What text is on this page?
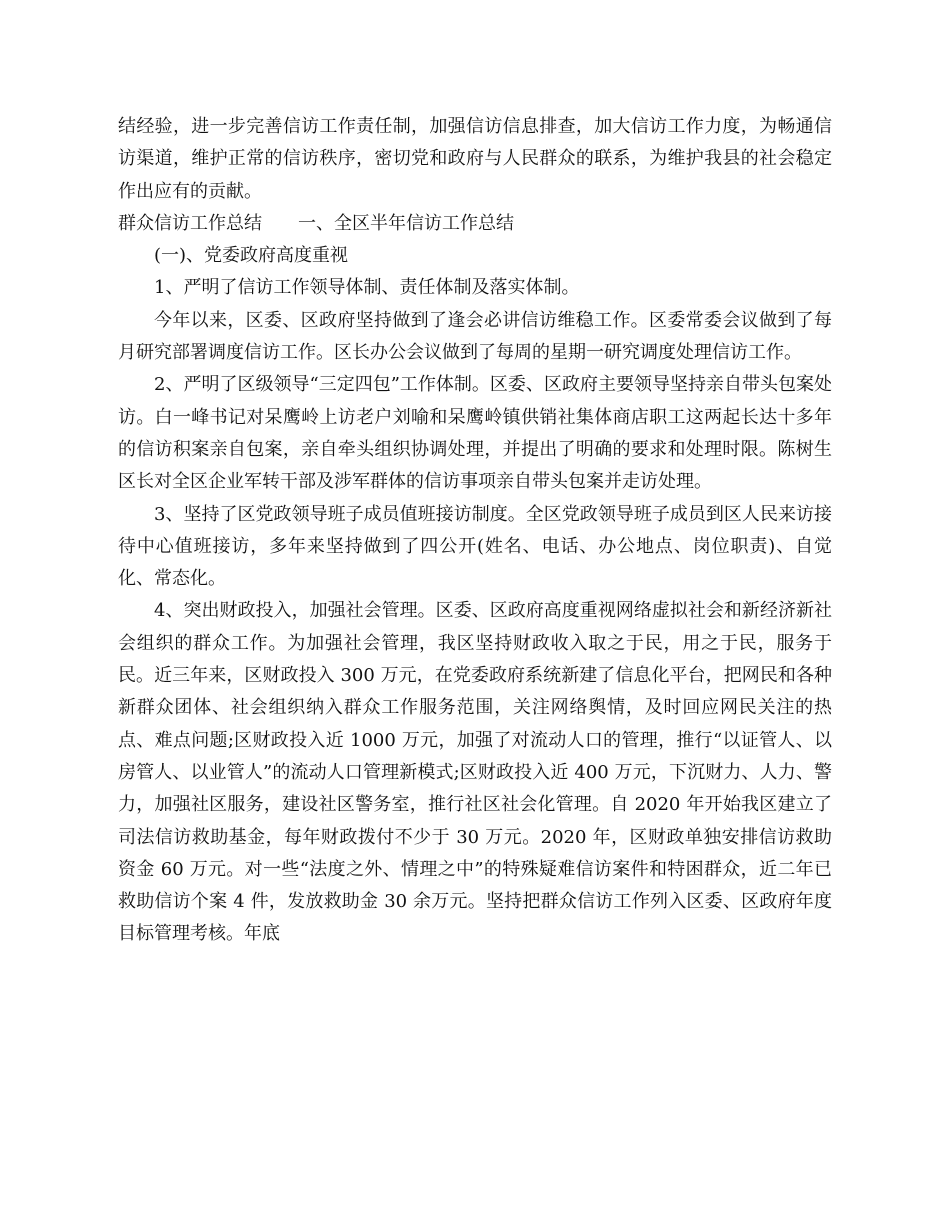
结经验，进一步完善信访工作责任制，加强信访信息排查，加大信访工作力度，为畅通信访渠道，维护正常的信访秩序，密切党和政府与人民群众的联系，为维护我县的社会稳定作出应有的贡献。

群众信访工作总结　　一、全区半年信访工作总结

(一)、党委政府高度重视

1、严明了信访工作领导体制、责任体制及落实体制。

今年以来，区委、区政府坚持做到了逢会必讲信访维稳工作。区委常委会议做到了每月研究部署调度信访工作。区长办公会议做到了每周的星期一研究调度处理信访工作。

2、严明了区级领导“三定四包”工作体制。区委、区政府主要领导坚持亲自带头包案处访。白一峰书记对呆鹰岭上访老户刘喻和呆鹰岭镇供销社集体商店职工这两起长达十多年的信访积案亲自包案，亲自牵头组织协调处理，并提出了明确的要求和处理时限。陈树生区长对全区企业军转干部及涉军群体的信访事项亲自带头包案并走访处理。

3、坚持了区党政领导班子成员值班接访制度。全区党政领导班子成员到区人民来访接待中心值班接访，多年来坚持做到了四公开(姓名、电话、办公地点、岗位职责)、自觉化、常态化。

4、突出财政投入，加强社会管理。区委、区政府高度重视网络虚拟社会和新经济新社会组织的群众工作。为加强社会管理，我区坚持财政收入取之于民，用之于民，服务于民。近三年来，区财政投入 300 万元，在党委政府系统新建了信息化平台，把网民和各种新群众团体、社会组织纳入群众工作服务范围，关注网络舆情，及时回应网民关注的热点、难点问题;区财政投入近 1000 万元，加强了对流动人口的管理，推行“以证管人、以房管人、以业管人”的流动人口管理新模式;区财政投入近 400 万元，下沉财力、人力、警力，加强社区服务，建设社区警务室，推行社区社会化管理。自 2020 年开始我区建立了司法信访救助基金，每年财政拨付不少于 30 万元。2020 年，区财政单独安排信访救助资金 60 万元。对一些“法度之外、情理之中”的特殊疑难信访案件和特困群众，近二年已救助信访个案 4 件，发放救助金 30 余万元。坚持把群众信访工作列入区委、区政府年度目标管理考核。年底
